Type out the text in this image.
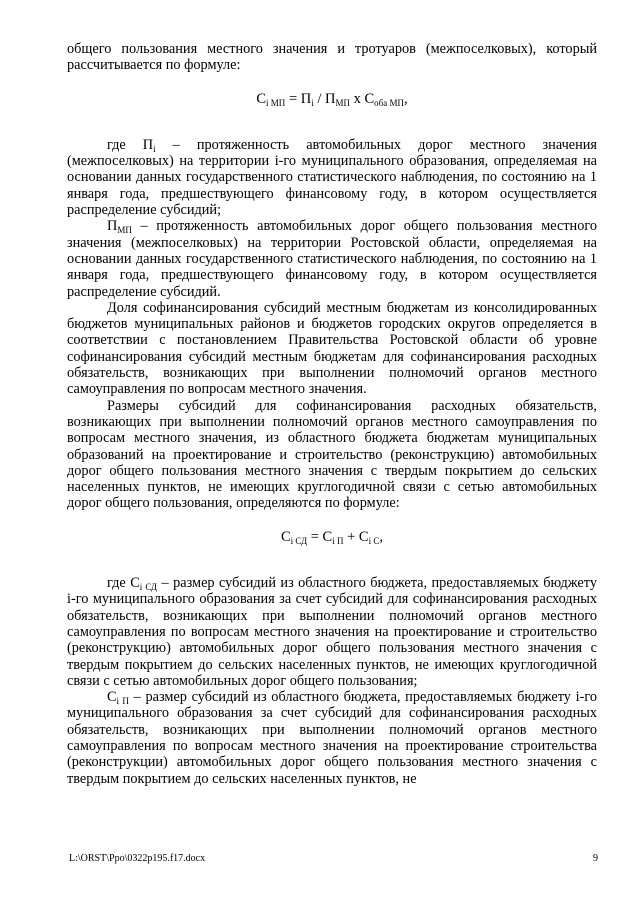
общего пользования местного значения и тротуаров (межпоселковых), который рассчитывается по формуле:

$C_{i МП} = П_i / П_{МП}$ x $C_{оба МП}$,

где $П_i$ – протяженность автомобильных дорог местного значения (межпоселковых) на территории i-го муниципального образования, определяемая на основании данных государственного статистического наблюдения, по состоянию на 1 января года, предшествующего финансовому году, в котором осуществляется распределение субсидий;

$П_{МП}$ – протяженность автомобильных дорог общего пользования местного значения (межпоселковых) на территории Ростовской области, определяемая на основании данных государственного статистического наблюдения, по состоянию на 1 января года, предшествующего финансовому году, в котором осуществляется распределение субсидий.

Доля софинансирования субсидий местным бюджетам из консолидированных бюджетов муниципальных районов и бюджетов городских округов определяется в соответствии с постановлением Правительства Ростовской области об уровне софинансирования субсидий местным бюджетам для софинансирования расходных обязательств, возникающих при выполнении полномочий органов местного самоуправления по вопросам местного значения.

Размеры субсидий для софинансирования расходных обязательств, возникающих при выполнении полномочий органов местного самоуправления по вопросам местного значения, из областного бюджета бюджетам муниципальных образований на проектирование и строительство (реконструкцию) автомобильных дорог общего пользования местного значения с твердым покрытием до сельских населенных пунктов, не имеющих круглогодичной связи с сетью автомобильных дорог общего пользования, определяются по формуле:

$C_{i СД} = C_{i П} + C_{i С}$,

где $C_{i СД}$ – размер субсидий из областного бюджета, предоставляемых бюджету i-го муниципального образования за счет субсидий для софинансирования расходных обязательств, возникающих при выполнении полномочий органов местного самоуправления по вопросам местного значения на проектирование и строительство (реконструкцию) автомобильных дорог общего пользования местного значения с твердым покрытием до сельских населенных пунктов, не имеющих круглогодичной связи с сетью автомобильных дорог общего пользования;

$C_{i П}$ – размер субсидий из областного бюджета, предоставляемых бюджету i-го муниципального образования за счет субсидий для софинансирования расходных обязательств, возникающих при выполнении полномочий органов местного самоуправления по вопросам местного значения на проектирование строительства (реконструкции) автомобильных дорог общего пользования местного значения с твердым покрытием до сельских населенных пунктов, не

L:\ORST\Ppo\0322p195.f17.docx	9
